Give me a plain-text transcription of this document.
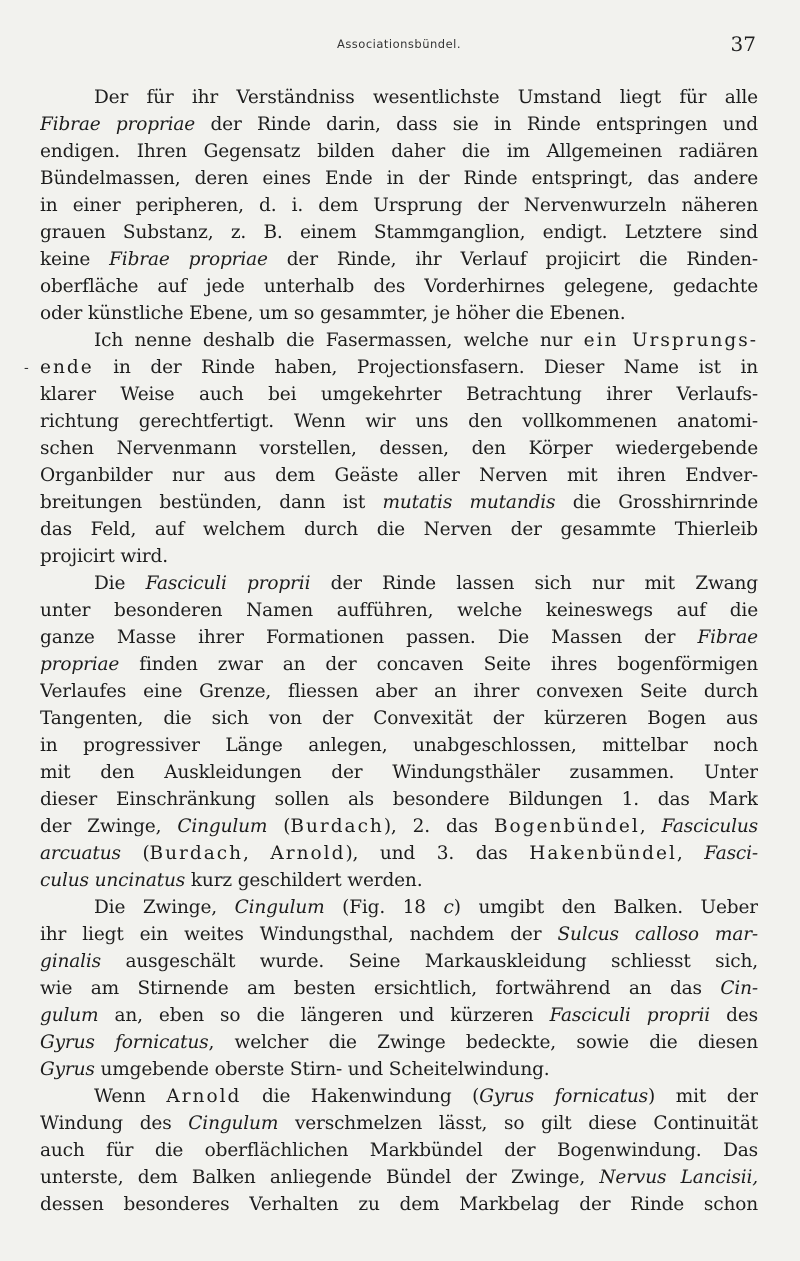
Associationsbündel.	37
-
Der für ihr Verständniss wesentlichste Umstand liegt für alle
Fibrae propriae der Rinde darin, dass sie in Rinde entspringen und
endigen. Ihren Gegensatz bilden daher die im Allgemeinen radiären
Bündelmassen, deren eines Ende in der Rinde entspringt, das andere
in einer peripheren, d. i. dem Ursprung der Nervenwurzeln näheren
grauen Substanz, z. B. einem Stammganglion, endigt. Letztere sind
keine Fibrae propriae der Rinde, ihr Verlauf projicirt die Rinden-
oberfläche auf jede unterhalb des Vorderhirnes gelegene, gedachte
oder künstliche Ebene, um so gesammter, je höher die Ebenen.
Ich nenne deshalb die Fasermassen, welche nur ein Ursprungs-
ende in der Rinde haben, Projectionsfasern. Dieser Name ist in
klarer Weise auch bei umgekehrter Betrachtung ihrer Verlaufs-
richtung gerechtfertigt. Wenn wir uns den vollkommenen anatomi-
schen Nervenmann vorstellen, dessen, den Körper wiedergebende
Organbilder nur aus dem Geäste aller Nerven mit ihren Endver-
breitungen bestünden, dann ist mutatis mutandis die Grosshirnrinde
das Feld, auf welchem durch die Nerven der gesammte Thierleib
projicirt wird.
Die Fasciculi proprii der Rinde lassen sich nur mit Zwang
unter besonderen Namen aufführen, welche keineswegs auf die
ganze Masse ihrer Formationen passen. Die Massen der Fibrae
propriae finden zwar an der concaven Seite ihres bogenförmigen
Verlaufes eine Grenze, fliessen aber an ihrer convexen Seite durch
Tangenten, die sich von der Convexität der kürzeren Bogen aus
in progressiver Länge anlegen, unabgeschlossen, mittelbar noch
mit den Auskleidungen der Windungsthäler zusammen. Unter
dieser Einschränkung sollen als besondere Bildungen 1. das Mark
der Zwinge, Cingulum (Burdach), 2. das Bogenbündel, Fasciculus
arcuatus (Burdach, Arnold), und 3. das Hakenbündel, Fasci-
culus uncinatus kurz geschildert werden.
Die Zwinge, Cingulum (Fig. 18 c) umgibt den Balken. Ueber
ihr liegt ein weites Windungsthal, nachdem der Sulcus calloso mar-
ginalis ausgeschält wurde. Seine Markauskleidung schliesst sich,
wie am Stirnende am besten ersichtlich, fortwährend an das Cin-
gulum an, eben so die längeren und kürzeren Fasciculi proprii des
Gyrus fornicatus, welcher die Zwinge bedeckte, sowie die diesen
Gyrus umgebende oberste Stirn- und Scheitelwindung.
Wenn Arnold die Hakenwindung (Gyrus fornicatus) mit der
Windung des Cingulum verschmelzen lässt, so gilt diese Continuität
auch für die oberflächlichen Markbündel der Bogenwindung. Das
unterste, dem Balken anliegende Bündel der Zwinge, Nervus Lancisii,
dessen besonderes Verhalten zu dem Markbelag der Rinde schon
